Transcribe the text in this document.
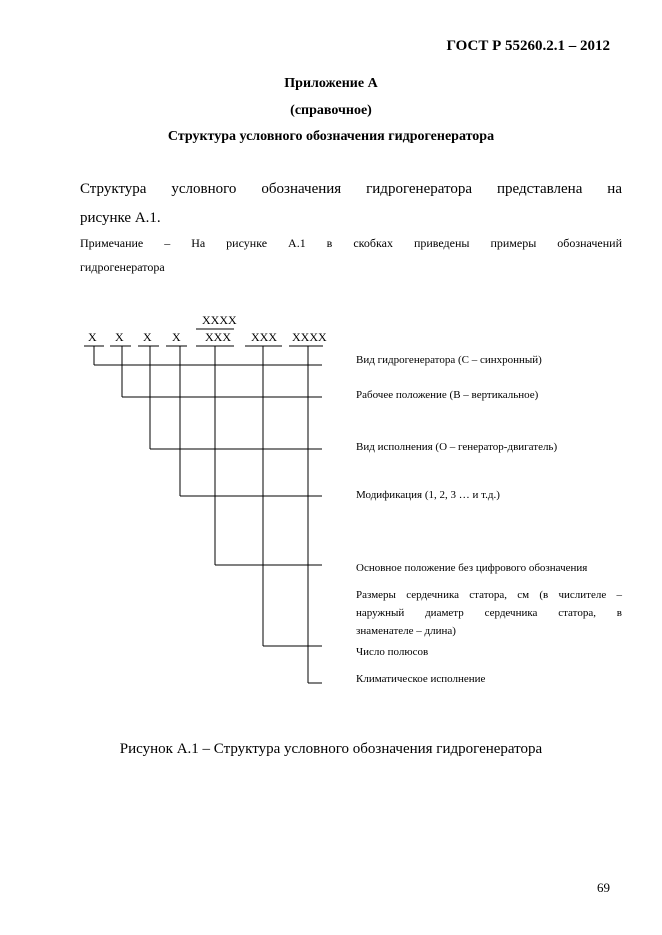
ГОСТ Р 55260.2.1 – 2012
Приложение А
(справочное)
Структура условного обозначения гидрогенератора
Структура условного обозначения гидрогенератора представлена на
рисунке А.1.
Примечание – На рисунке А.1 в скобках приведены примеры обозначений
гидрогенератора
X X X X
XXXX
XXX XXX XXXX
Вид гидрогенератора (С – синхронный)
Рабочее положение (В – вертикальное)
Вид исполнения (О – генератор-двигатель)
Модификация (1, 2, 3 … и т.д.)
Основное положение без цифрового обозначения
Размеры сердечника статора, см (в числителе –
наружный диаметр сердечника статора, в
знаменателе – длина)
Число полюсов
Климатическое исполнение
Рисунок А.1 – Структура условного обозначения гидрогенератора
69
